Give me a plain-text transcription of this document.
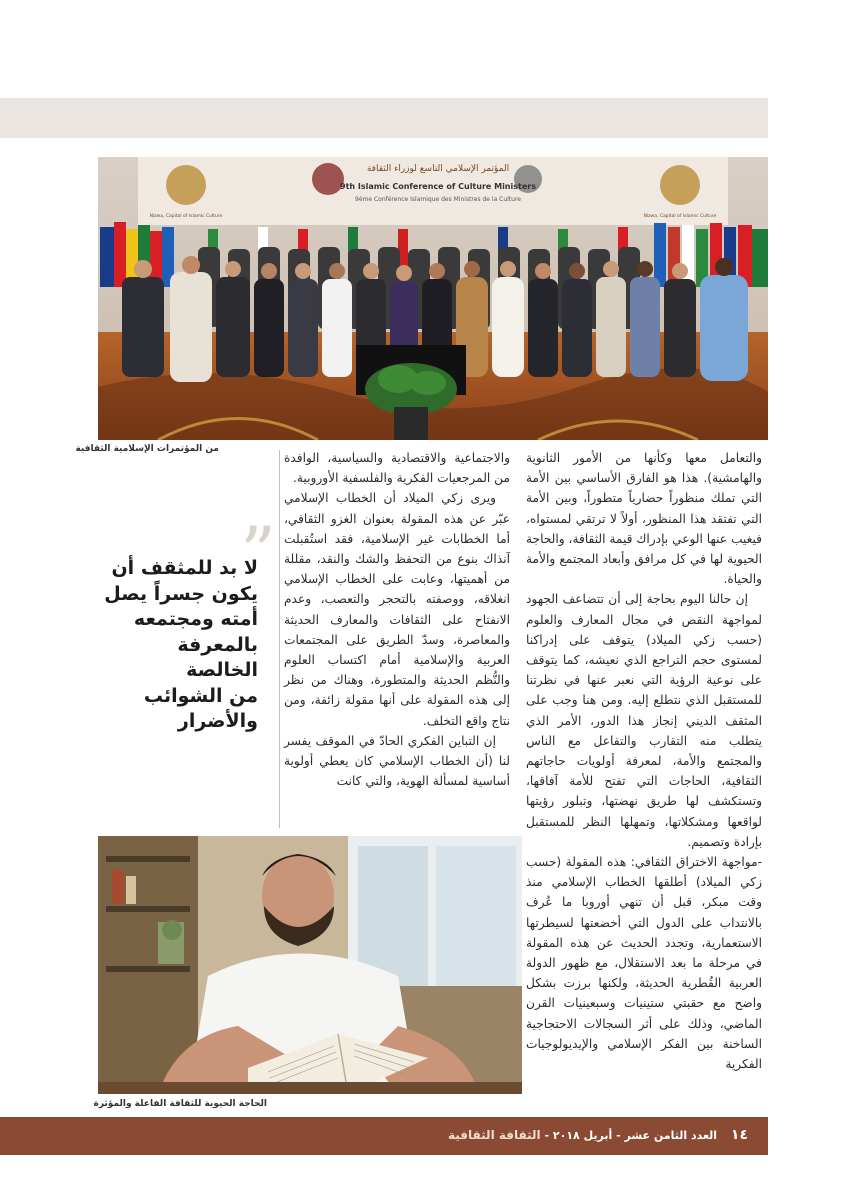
المؤتمر الإسلامي التاسع لوزراء الثقافة
9th Islamic Conference of Culture Ministers
9ème Conférence Islamique des Ministres de la Culture
Nizwa, Capital of Islamic Culture	Nizwa, Capital of Islamic Culture
من المؤتمرات الإسلامية الثقافية

والتعامل معها وكأنها من الأمور الثانوية والهامشية). هذا هو الفارق الأساسي بين الأمة التي تملك منظوراً حضارياً متطوراً، وبين الأمة التي تفتقد هذا المنظور، أولاً لا ترتقي لمستواه، فيغيب عنها الوعي بإدراك قيمة الثقافة، والحاجة الحيوية لها في كل مرافق وأبعاد المجتمع والأمة والحياة.

إن حالنا اليوم بحاجة إلى أن تتضاعف الجهود لمواجهة النقص في مجال المعارف والعلوم (حسب زكي الميلاد) يتوقف على إدراكنا لمستوى حجم التراجع الذي نعيشه، كما يتوقف على نوعية الرؤية التي نعبر عنها في نظرتنا للمستقبل الذي نتطلع إليه. ومن هنا وجب على المثقف الديني إنجاز هذا الدور، الأمر الذي يتطلب منه التقارب والتفاعل مع الناس والمجتمع والأمة، لمعرفة أولويات حاجاتهم الثقافية، الحاجات التي تفتح للأمة آفاقها، وتستكشف لها طريق نهضتها، وتبلور رؤيتها لواقعها ومشكلاتها، وتمهلها النظر للمستقبل بإرادة وتصميم.

-مواجهة الاختراق الثقافي: هذه المقولة (حسب زكي الميلاد) أطلقها الخطاب الإسلامي منذ وقت مبكر، قبل أن تنهي أوروبا ما عُرف بالانتداب على الدول التي أخضعتها لسيطرتها الاستعمارية، وتجدد الحديث عن هذه المقولة في مرحلة ما بعد الاستقلال، مع ظهور الدولة العربية القُطرية الحديثة، ولكنها برزت بشكل واضح مع حقبتي ستينيات وسبعينيات القرن الماضي، وذلك على أثر السجالات الاحتجاجية الساخنة بين الفكر الإسلامي والإيديولوجيات الفكرية

والاجتماعية والاقتصادية والسياسية، الوافدة من المرجعيات الفكرية والفلسفية الأوروبية.

ويرى زكي الميلاد أن الخطاب الإسلامي عبّر عن هذه المقولة بعنوان الغزو الثقافي، أما الخطابات غير الإسلامية، فقد استُقبلت آنذاك بنوع من التحفظ والشك والنقد، مقللة من أهميتها، وعابت على الخطاب الإسلامي انغلاقه، ووصفته بالتحجر والتعصب، وعدم الانفتاح على الثقافات والمعارف الحديثة والمعاصرة، وسدّ الطريق على المجتمعات العربية والإسلامية أمام اكتساب العلوم والنُّظم الحديثة والمتطورة، وهناك من نظر إلى هذه المقولة على أنها مقولة زائفة، ومن نتاج واقع التخلف.

إن التباين الفكري الحادّ في الموقف يفسر لنا (أن الخطاب الإسلامي كان يعطي أولوية أساسية لمسألة الهوية، والتي كانت

”
لا بد للمثقف أن
يكون جسراً يصل
أمته ومجتمعه
بالمعرفة الخالصة
من الشوائب
والأضرار
الحاجة الحيوية للثقافة الفاعلة والمؤثرة
١٤ العدد الثامن عشر - أبريل ٢٠١٨ - الثقافة الثقافية
